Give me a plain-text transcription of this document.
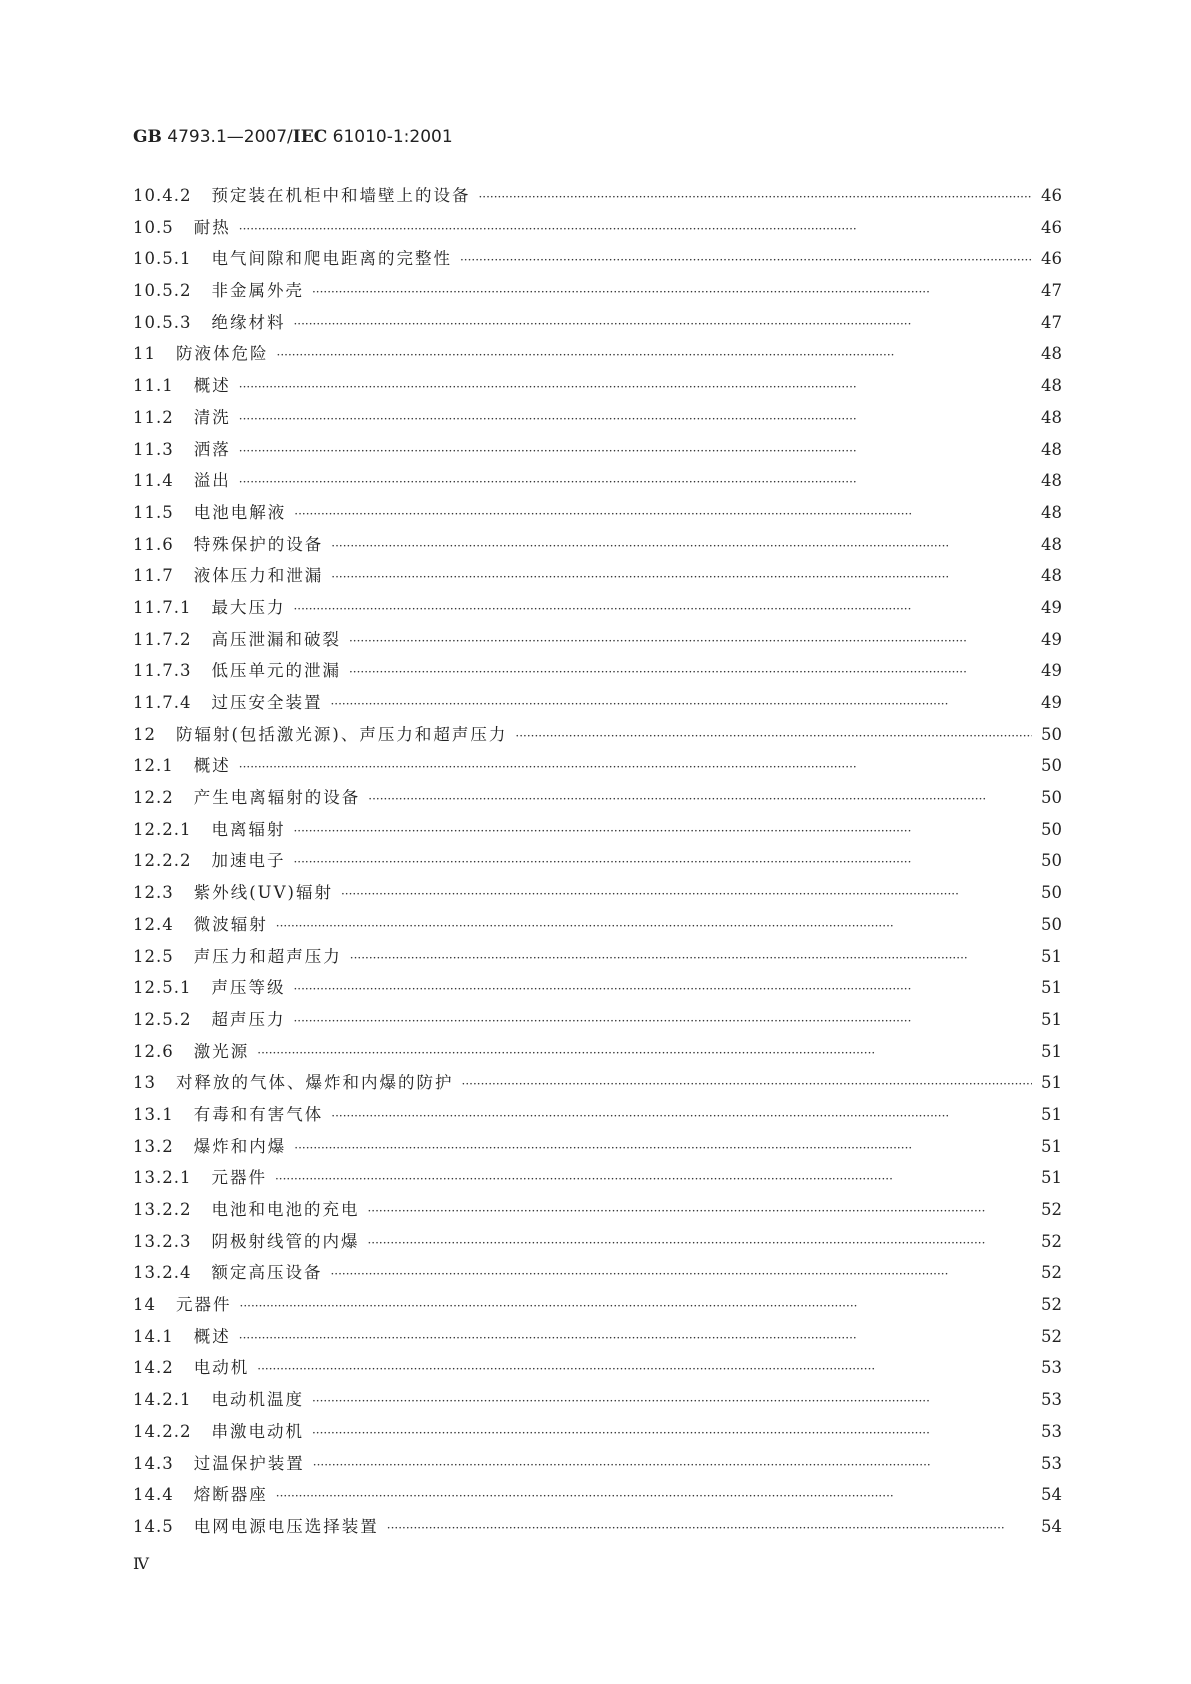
GB 4793.1—2007/IEC 61010-1:2001
10.4.2 预定装在机柜中和墙壁上的设备 ·····	46
10.5 耐热 ·····	46
10.5.1 电气间隙和爬电距离的完整性 ·····	46
10.5.2 非金属外壳 ·····	47
10.5.3 绝缘材料 ·····	47
11 防液体危险 ·····	48
11.1 概述 ·····	48
11.2 清洗 ·····	48
11.3 洒落 ·····	48
11.4 溢出 ·····	48
11.5 电池电解液 ·····	48
11.6 特殊保护的设备 ·····	48
11.7 液体压力和泄漏 ·····	48
11.7.1 最大压力 ·····	49
11.7.2 高压泄漏和破裂 ·····	49
11.7.3 低压单元的泄漏 ·····	49
11.7.4 过压安全装置 ·····	49
12 防辐射(包括激光源)、声压力和超声压力 ·····	50
12.1 概述 ·····	50
12.2 产生电离辐射的设备 ·····	50
12.2.1 电离辐射 ·····	50
12.2.2 加速电子 ·····	50
12.3 紫外线(UV)辐射 ·····	50
12.4 微波辐射 ·····	50
12.5 声压力和超声压力 ·····	51
12.5.1 声压等级 ·····	51
12.5.2 超声压力 ·····	51
12.6 激光源 ·····	51
13 对释放的气体、爆炸和内爆的防护 ·····	51
13.1 有毒和有害气体 ·····	51
13.2 爆炸和内爆 ·····	51
13.2.1 元器件 ·····	51
13.2.2 电池和电池的充电 ·····	52
13.2.3 阴极射线管的内爆 ·····	52
13.2.4 额定高压设备 ·····	52
14 元器件 ·····	52
14.1 概述 ·····	52
14.2 电动机 ·····	53
14.2.1 电动机温度 ·····	53
14.2.2 串激电动机 ·····	53
14.3 过温保护装置 ·····	53
14.4 熔断器座 ·····	54
14.5 电网电源电压选择装置 ·····	54
Ⅳ
